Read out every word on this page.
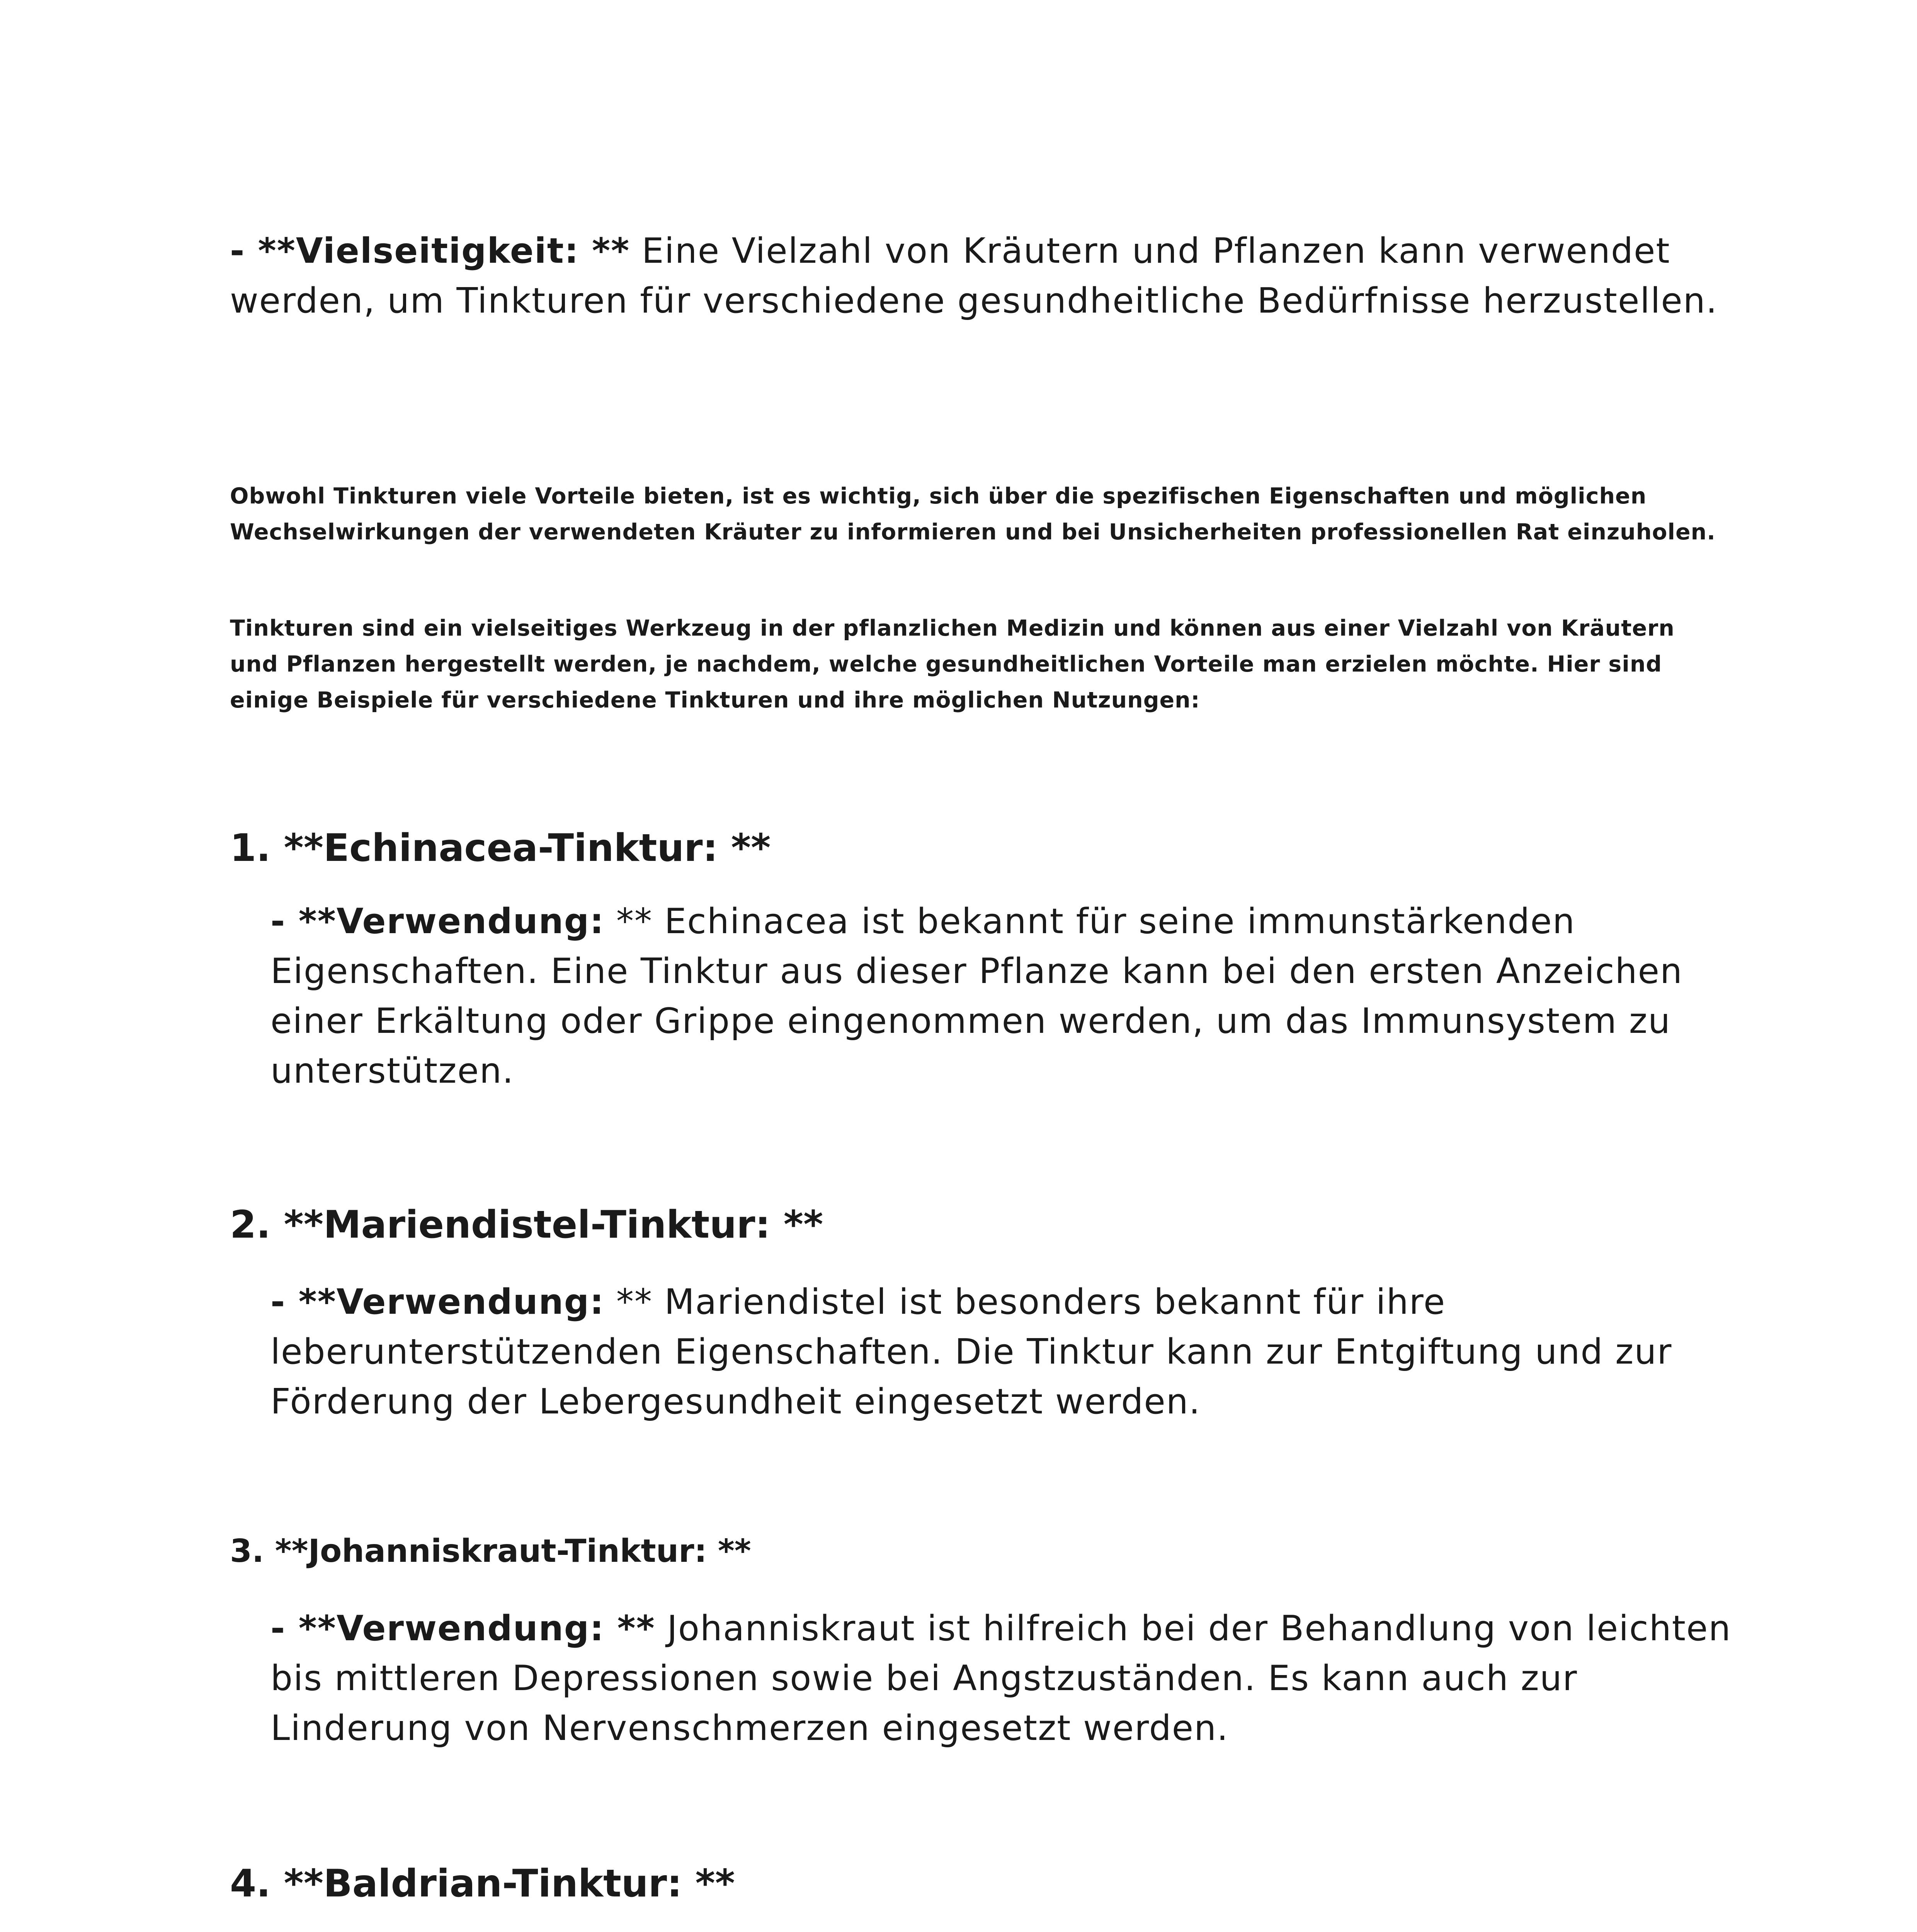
- **Vielseitigkeit: ** Eine Vielzahl von Kräutern und Pflanzen kann verwendet werden, um Tinkturen für verschiedene gesundheitliche Bedürfnisse herzustellen.

Obwohl Tinkturen viele Vorteile bieten, ist es wichtig, sich über die spezifischen Eigenschaften und möglichen Wechselwirkungen der verwendeten Kräuter zu informieren und bei Unsicherheiten professionellen Rat einzuholen.

Tinkturen sind ein vielseitiges Werkzeug in der pflanzlichen Medizin und können aus einer Vielzahl von Kräutern und Pflanzen hergestellt werden, je nachdem, welche gesundheitlichen Vorteile man erzielen möchte. Hier sind einige Beispiele für verschiedene Tinkturen und ihre möglichen Nutzungen:

1. **Echinacea-Tinktur: **

- **Verwendung: ** Echinacea ist bekannt für seine immunstärkenden Eigenschaften. Eine Tinktur aus dieser Pflanze kann bei den ersten Anzeichen einer Erkältung oder Grippe eingenommen werden, um das Immunsystem zu unterstützen.

2. **Mariendistel-Tinktur: **

- **Verwendung: ** Mariendistel ist besonders bekannt für ihre leberunterstützenden Eigenschaften. Die Tinktur kann zur Entgiftung und zur Förderung der Lebergesundheit eingesetzt werden.

3. **Johanniskraut-Tinktur: **

- **Verwendung: ** Johanniskraut ist hilfreich bei der Behandlung von leichten bis mittleren Depressionen sowie bei Angstzuständen. Es kann auch zur Linderung von Nervenschmerzen eingesetzt werden.

4. **Baldrian-Tinktur: **
